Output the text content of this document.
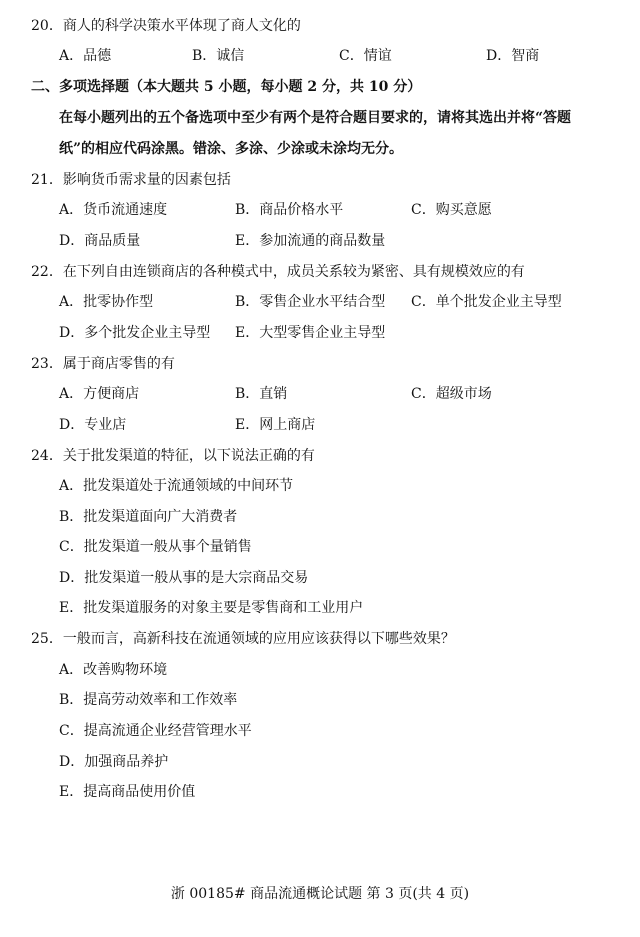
20．商人的科学决策水平体现了商人文化的
A．品德	B．诚信	C．情谊	D．智商
二、多项选择题（本大题共 5 小题，每小题 2 分，共 10 分）
在每小题列出的五个备选项中至少有两个是符合题目要求的，请将其选出并将“答题
纸”的相应代码涂黑。错涂、多涂、少涂或未涂均无分。
21．影响货币需求量的因素包括
A．货币流通速度	B．商品价格水平	C．购买意愿
D．商品质量	E．参加流通的商品数量
22．在下列自由连锁商店的各种模式中，成员关系较为紧密、具有规模效应的有
A．批零协作型	B．零售企业水平结合型 C．单个批发企业主导型
D．多个批发企业主导型 E．大型零售企业主导型
23．属于商店零售的有
A．方便商店	B．直销	C．超级市场
D．专业店	E．网上商店
24．关于批发渠道的特征，以下说法正确的有
A．批发渠道处于流通领域的中间环节
B．批发渠道面向广大消费者
C．批发渠道一般从事个量销售
D．批发渠道一般从事的是大宗商品交易
E．批发渠道服务的对象主要是零售商和工业用户
25．一般而言，高新科技在流通领域的应用应该获得以下哪些效果？
A．改善购物环境
B．提高劳动效率和工作效率
C．提高流通企业经营管理水平
D．加强商品养护
E．提高商品使用价值
浙 00185# 商品流通概论试题 第 3 页(共 4 页)
